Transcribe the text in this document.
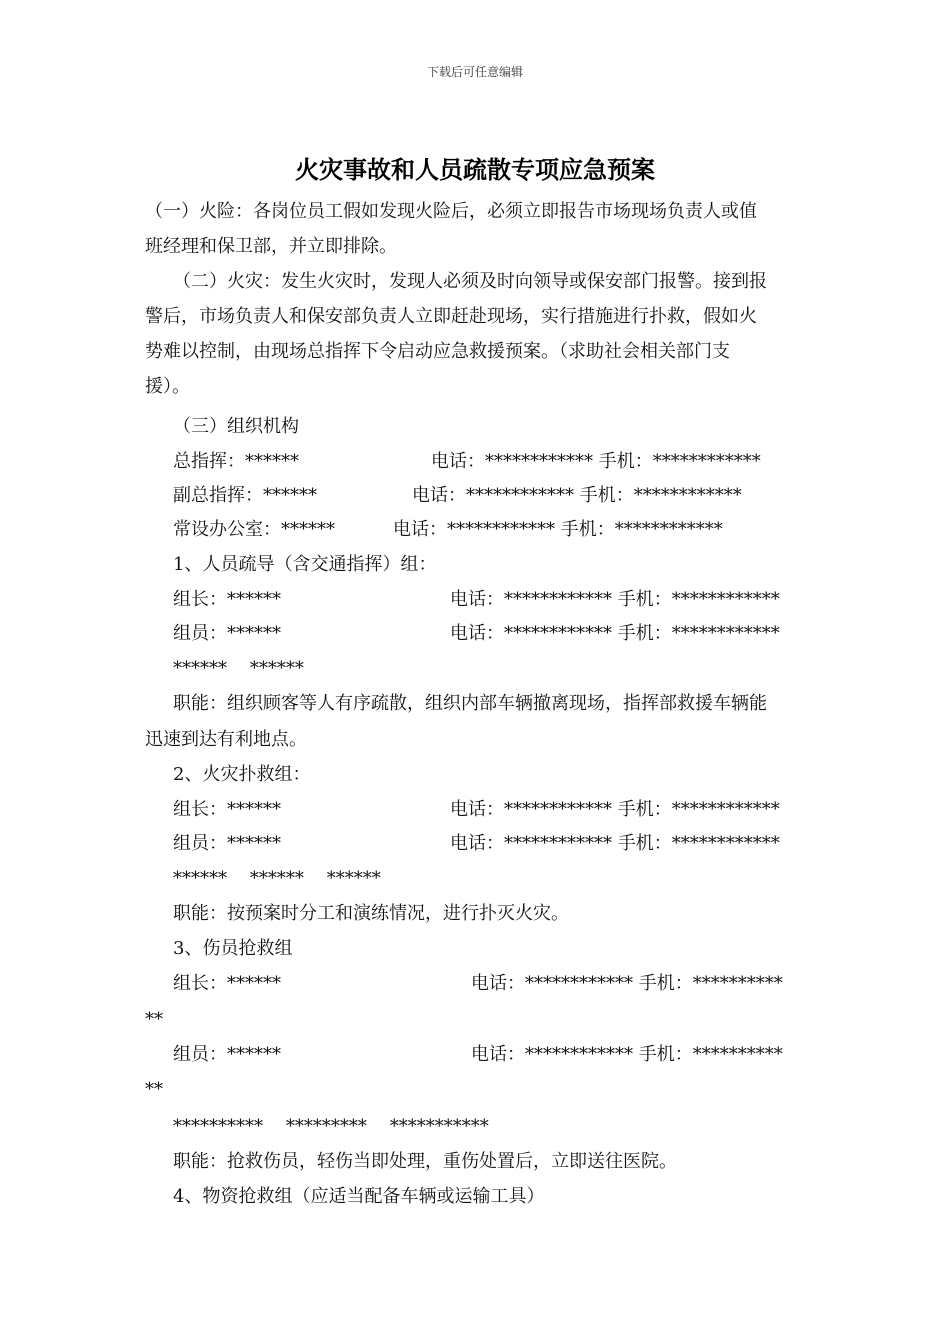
下载后可任意编辑
火灾事故和人员疏散专项应急预案
（一）火险：各岗位员工假如发现火险后，必须立即报告市场现场负责人或值
班经理和保卫部，并立即排除。
（二）火灾：发生火灾时，发现人必须及时向领导或保安部门报警。接到报
警后，市场负责人和保安部负责人立即赶赴现场，实行措施进行扑救，假如火
势难以控制，由现场总指挥下令启动应急救援预案。（求助社会相关部门支
援）。
（三）组织机构
总指挥：******	电话：************ 手机：************
副总指挥：******	电话：************ 手机：************
常设办公室：******	电话：************ 手机：************
1、人员疏导（含交通指挥）组：
组长：******	电话：************ 手机：************
组员：******	电话：************ 手机：************
******    ******
职能：组织顾客等人有序疏散，组织内部车辆撤离现场，指挥部救援车辆能
迅速到达有利地点。
2、火灾扑救组：
组长：******	电话：************ 手机：************
组员：******	电话：************ 手机：************
******    ******    ******
职能：按预案时分工和演练情况，进行扑灭火灾。
3、伤员抢救组
组长：******	电话：************ 手机：**********
**
组员：******	电话：************ 手机：**********
**
**********    *********    ***********
职能：抢救伤员，轻伤当即处理，重伤处置后，立即送往医院。
4、物资抢救组（应适当配备车辆或运输工具）
